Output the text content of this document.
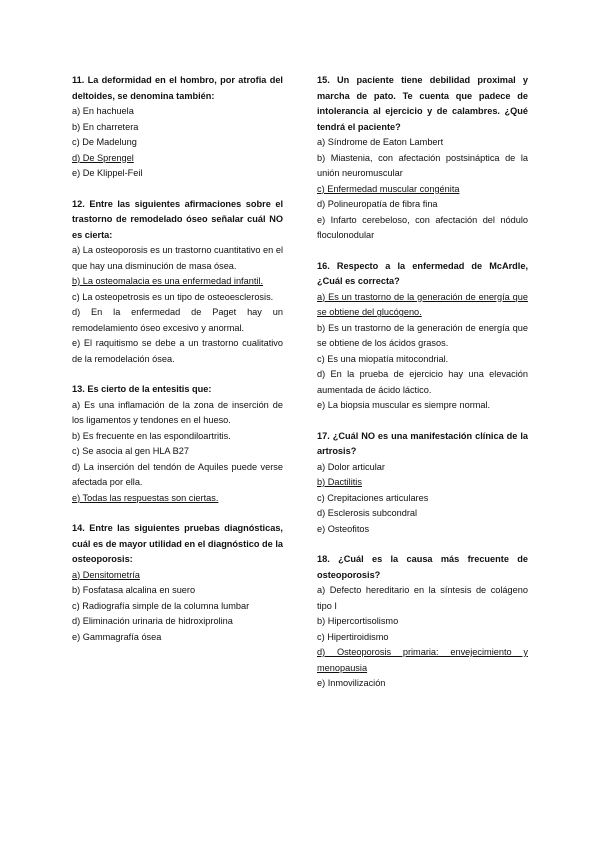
11. La deformidad en el hombro, por atrofia del deltoides, se denomina también:

a) En hachuela

b) En charretera

c) De Madelung

d) De Sprengel

e) De Klippel-Feil

12. Entre las siguientes afirmaciones sobre el trastorno de remodelado óseo señalar cuál NO es cierta:

a) La osteoporosis es un trastorno cuantitativo en el que hay una disminución de masa ósea.

b) La osteomalacia es una enfermedad infantil.

c) La osteopetrosis es un tipo de osteoesclerosis.

d) En la enfermedad de Paget hay un remodelamiento óseo excesivo y anormal.

e) El raquitismo se debe a un trastorno cualitativo de la remodelación ósea.

13. Es cierto de la entesitis que:

a) Es una inflamación de la zona de inserción de los ligamentos y tendones en el hueso.

b) Es frecuente en las espondiloartritis.

c) Se asocia al gen HLA B27

d) La inserción del tendón de Aquiles puede verse afectada por ella.

e) Todas las respuestas son ciertas.

14. Entre las siguientes pruebas diagnósticas, cuál es de mayor utilidad en el diagnóstico de la osteoporosis:

a) Densitometría

b) Fosfatasa alcalina en suero

c) Radiografía simple de la columna lumbar

d) Eliminación urinaria de hidroxiprolina

e) Gammagrafía ósea

15. Un paciente tiene debilidad proximal y marcha de pato. Te cuenta que padece de intolerancia al ejercicio y de calambres. ¿Qué tendrá el paciente?

a) Síndrome de Eaton Lambert

b) Miastenia, con afectación postsináptica de la unión neuromuscular

c) Enfermedad muscular congénita

d) Polineuropatía de fibra fina

e) Infarto cerebeloso, con afectación del nódulo floculonodular

16. Respecto a la enfermedad de McArdle, ¿Cuál es correcta?

a) Es un trastorno de la generación de energía que se obtiene del glucógeno.

b) Es un trastorno de la generación de energía que se obtiene de los ácidos grasos.

c) Es una miopatía mitocondrial.

d) En la prueba de ejercicio hay una elevación aumentada de ácido láctico.

e) La biopsia muscular es siempre normal.

17. ¿Cuál NO es una manifestación clínica de la artrosis?

a) Dolor articular

b) Dactilitis

c) Crepitaciones articulares

d) Esclerosis subcondral

e) Osteofitos

18. ¿Cuál es la causa más frecuente de osteoporosis?

a) Defecto hereditario en la síntesis de colágeno tipo I

b) Hipercortisolismo

c) Hipertiroidismo

d) Osteoporosis primaria: envejecimiento y menopausia

e) Inmovilización
